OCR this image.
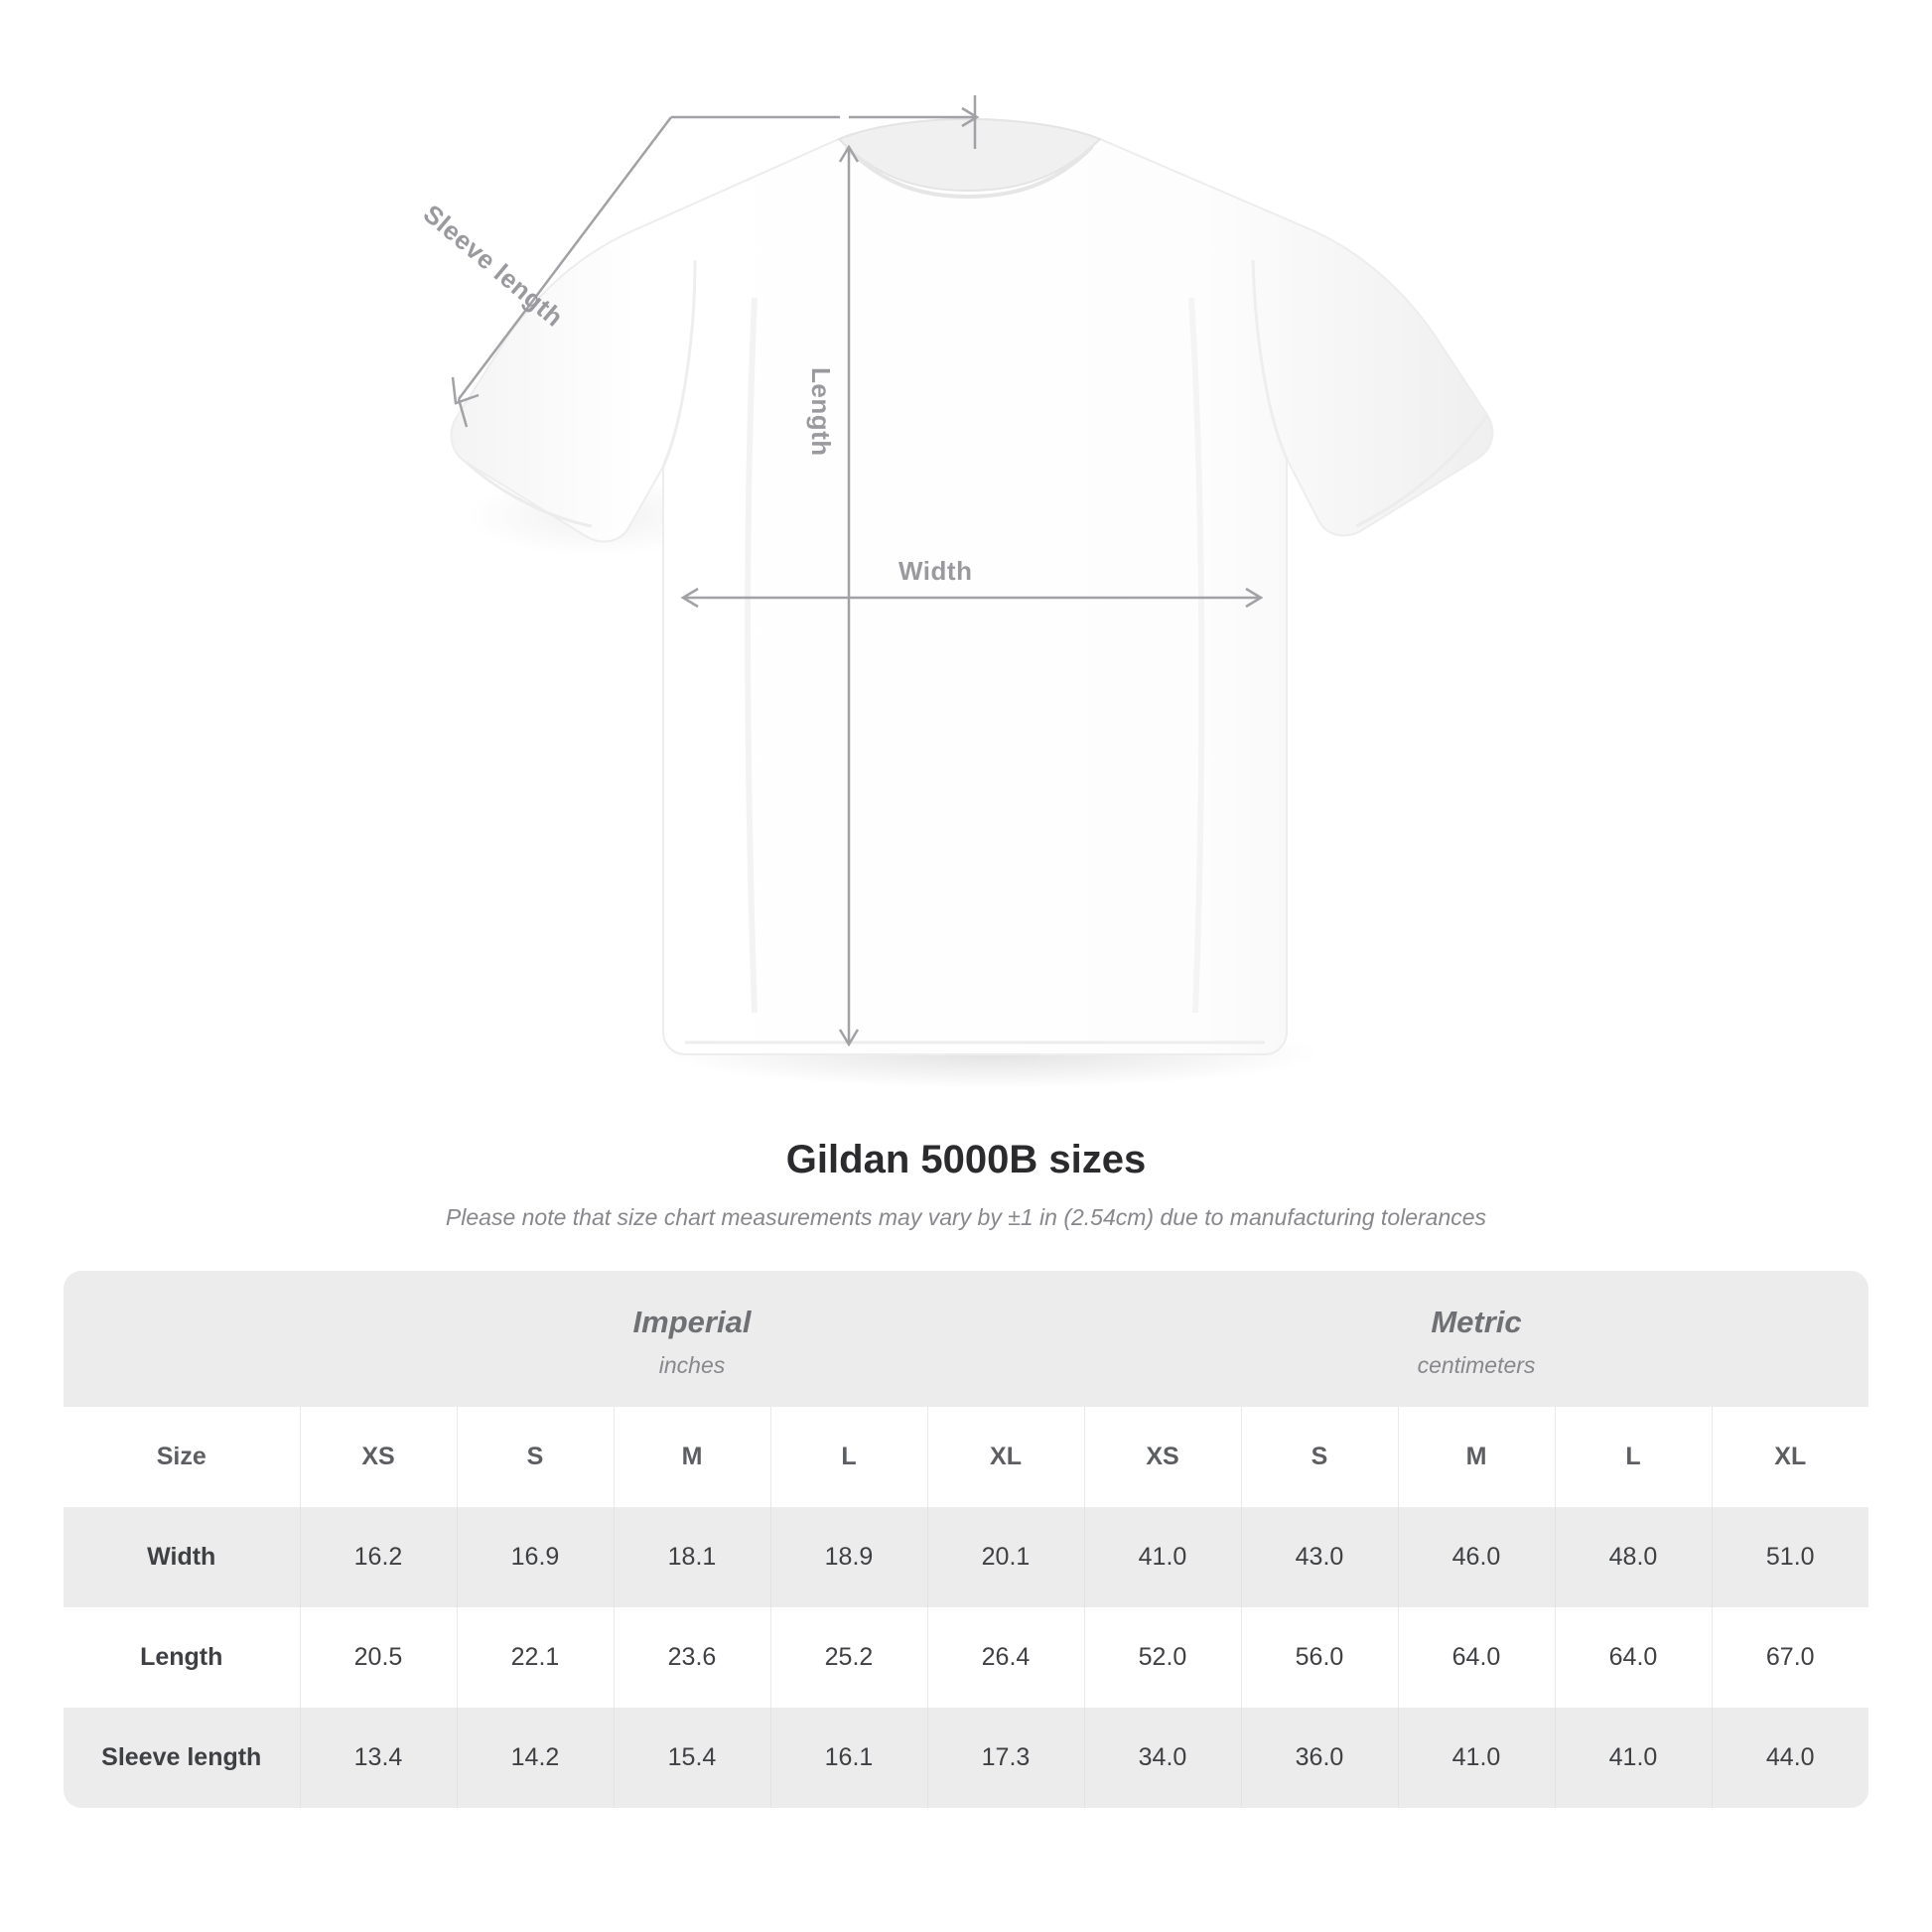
Width
Length
Sleeve length
Gildan 5000B sizes

Please note that size chart measurements may vary by ±1 in (2.54cm) due to manufacturing tolerances

	Imperial
inches					Metric
centimeters				

Size	XS	S	M	L	XL	XS	S	M	L	XL
Width	16.2	16.9	18.1	18.9	20.1	41.0	43.0	46.0	48.0	51.0
Length	20.5	22.1	23.6	25.2	26.4	52.0	56.0	64.0	64.0	67.0
Sleeve length	13.4	14.2	15.4	16.1	17.3	34.0	36.0	41.0	41.0	44.0
